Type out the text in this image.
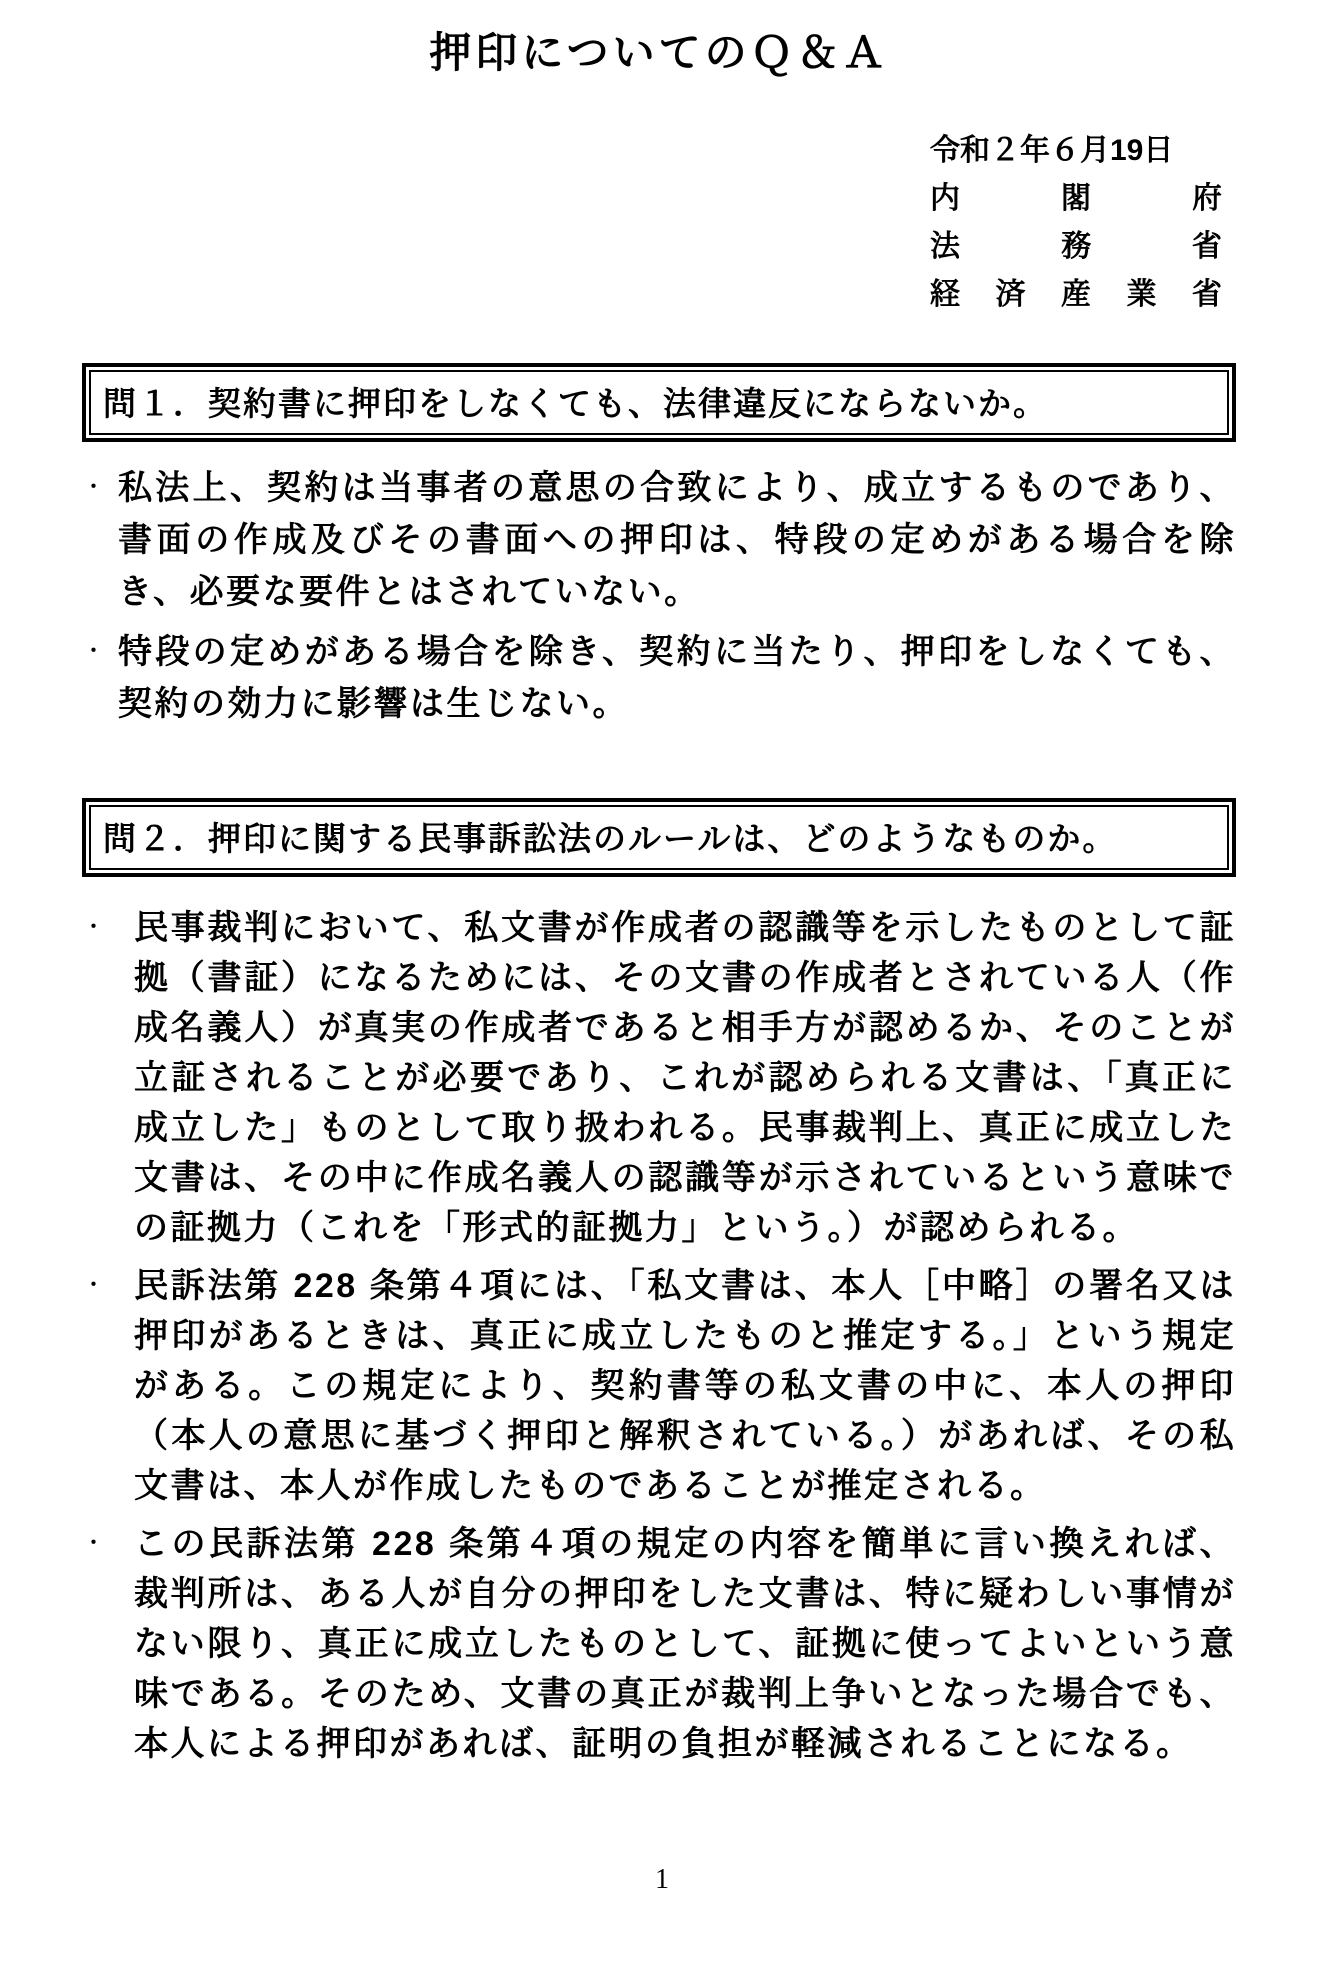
押印についてのＱ＆Ａ
令和２年６月19日
内閣府
法務省
経済産業省
問１．契約書に押印をしなくても、法律違反にならないか。
・ 私法上、契約は当事者の意思の合致により、成立するものであり、書面の作成及びその書面への押印は、特段の定めがある場合を除き、必要な要件とはされていない。
・ 特段の定めがある場合を除き、契約に当たり、押印をしなくても、契約の効力に影響は生じない。
問２．押印に関する民事訴訟法のルールは、どのようなものか。
・ 民事裁判において、私文書が作成者の認識等を示したものとして証拠（書証）になるためには、その文書の作成者とされている人（作成名義人）が真実の作成者であると相手方が認めるか、そのことが立証されることが必要であり、これが認められる文書は、「真正に成立した」ものとして取り扱われる。民事裁判上、真正に成立した文書は、その中に作成名義人の認識等が示されているという意味での証拠力（これを「形式的証拠力」という。）が認められる。
・ 民訴法第 228 条第４項には、「私文書は、本人［中略］の署名又は押印があるときは、真正に成立したものと推定する。」という規定がある。この規定により、契約書等の私文書の中に、本人の押印（本人の意思に基づく押印と解釈されている。）があれば、その私文書は、本人が作成したものであることが推定される。
・ この民訴法第 228 条第４項の規定の内容を簡単に言い換えれば、裁判所は、ある人が自分の押印をした文書は、特に疑わしい事情がない限り、真正に成立したものとして、証拠に使ってよいという意味である。そのため、文書の真正が裁判上争いとなった場合でも、本人による押印があれば、証明の負担が軽減されることになる。
1
